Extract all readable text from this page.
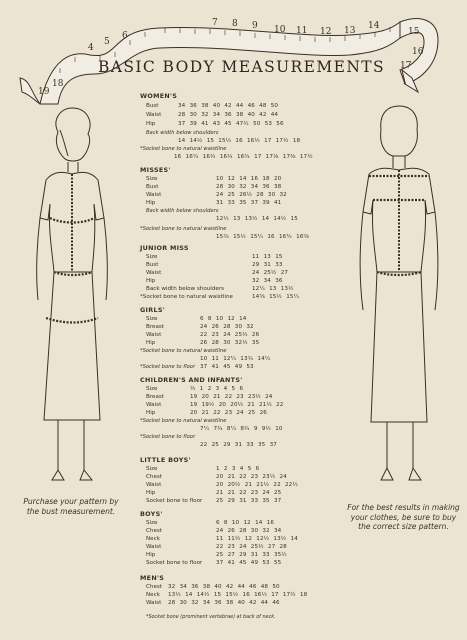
4
5
6
7 8 9 10 11 12 13 14
15
16
17
18
19
BASIC BODY MEASUREMENTS
Purchase your pattern by
the bust measurement.	For the best results in making
your clothes, be sure to buy
the correct size pattern.
WOMEN'S
Bust	34 36 38 40 42 44 46 48 50
Waist	28 30 32 34 36 38 40 42 44
Hip	37 39 41 43 45 47½ 50 53 56
Back width below shoulders
14 14½ 15 15½ 16 16½ 17 17½ 18
*Socket bone to natural waistline
16 16¼ 16½ 16¾ 16¾ 17 17⅛ 17⅜ 17½
MISSES'
Size	10 12 14 16 18 20
Bust	28 30 32 34 36 38
Waist	24 25 26½ 28 30 32
Hip	31 33 35 37 39 41
Back width below shoulders
12½ 13 13½ 14 14½ 15
*Socket bone to natural waistline
15¾ 15½ 15¼ 16 16¼ 16⅝
JUNIOR MISS
Size	11 13 15
Bust	29 31 33
Waist	24 25½ 27
Hip	32 34 36
Back width below shoulders	12¼ 13 13½
*Socket bone to natural waistline	14⅝ 15½ 15¼
GIRLS'
Size	6 8 10 12 14
Breast	24 26 28 30 32
Waist	22 23 24 25½ 26
Hip	26 28 30 32½ 35
*Socket bone to natural waistline
10 11 12¼ 13¾ 14¼
*Socket bone to floor 37 41 45 49 53
CHILDREN'S AND INFANTS'
Size	½ 1 2 3 4 5 6
Breast	19 20 21 22 23 23½ 24
Waist	19 19½ 20 20½ 21 21½ 22
Hip	20 21 22 23 24 25 26
*Socket bone to natural waistline
7¼ 7¾ 8¼ 8¾ 9 9½ 10
*Socket bone to floor
22 25 29 31 33 35 37
LITTLE BOYS'
Size	1 2 3 4 5 6
Chest	20 21 22 23 23½ 24
Waist	20 20½ 21 21½ 22 22½
Hip	21 21 22 23 24 25
Socket bone to floor 25 29 31 33 35 37
BOYS'
Size	6 8 10 12 14 16
Chest	24 26 28 30 32 34
Neck	11 11½ 12 12½ 13½ 14
Waist	22 23 24 25½ 27 28
Hip	25 27 29 31 33 35½
Socket bone to floor 37 41 45 49 53 55
MEN'S
Chest 32 34 36 38 40 42 44 46 48 50
Neck 13½ 14 14½ 15 15½ 16 16½ 17 17½ 18
Waist 28 30 32 34 36 38 40 42 44 46
*Socket bone (prominent vertebrae) at back of neck.
